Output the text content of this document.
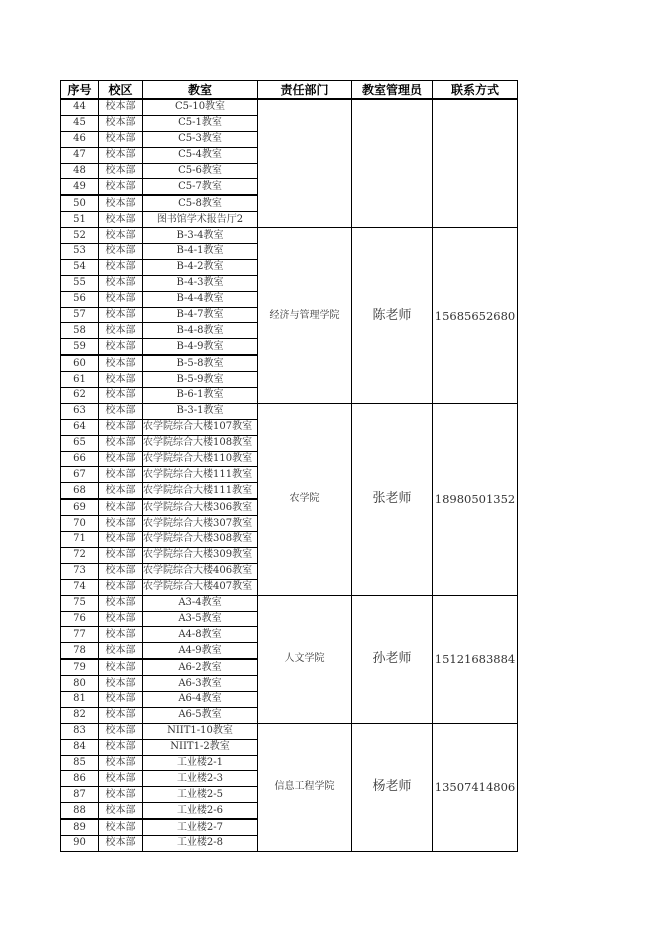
序号	校区	教室	责任部门	教室管理员	联系方式
44	校本部	C5-10教室			
45	校本部	C5-1教室			
46	校本部	C5-3教室			
47	校本部	C5-4教室			
48	校本部	C5-6教室			
49	校本部	C5-7教室			
50	校本部	C5-8教室			
51	校本部	图书馆学术报告厅2			
52	校本部	B-3-4教室	经济与管理学院	陈老师	15685652680
53	校本部	B-4-1教室			
54	校本部	B-4-2教室			
55	校本部	B-4-3教室			
56	校本部	B-4-4教室			
57	校本部	B-4-7教室			
58	校本部	B-4-8教室			
59	校本部	B-4-9教室			
60	校本部	B-5-8教室			
61	校本部	B-5-9教室			
62	校本部	B-6-1教室			
63	校本部	B-3-1教室	农学院	张老师	18980501352
64	校本部	农学院综合大楼107教室			
65	校本部	农学院综合大楼108教室			
66	校本部	农学院综合大楼110教室			
67	校本部	农学院综合大楼111教室			
68	校本部	农学院综合大楼111教室			
69	校本部	农学院综合大楼306教室			
70	校本部	农学院综合大楼307教室			
71	校本部	农学院综合大楼308教室			
72	校本部	农学院综合大楼309教室			
73	校本部	农学院综合大楼406教室			
74	校本部	农学院综合大楼407教室			
75	校本部	A3-4教室	人文学院	孙老师	15121683884
76	校本部	A3-5教室			
77	校本部	A4-8教室			
78	校本部	A4-9教室			
79	校本部	A6-2教室			
80	校本部	A6-3教室			
81	校本部	A6-4教室			
82	校本部	A6-5教室			
83	校本部	NIIT1-10教室	信息工程学院	杨老师	13507414806
84	校本部	NIIT1-2教室			
85	校本部	工业楼2-1			
86	校本部	工业楼2-3			
87	校本部	工业楼2-5			
88	校本部	工业楼2-6			
89	校本部	工业楼2-7			
90	校本部	工业楼2-8			
